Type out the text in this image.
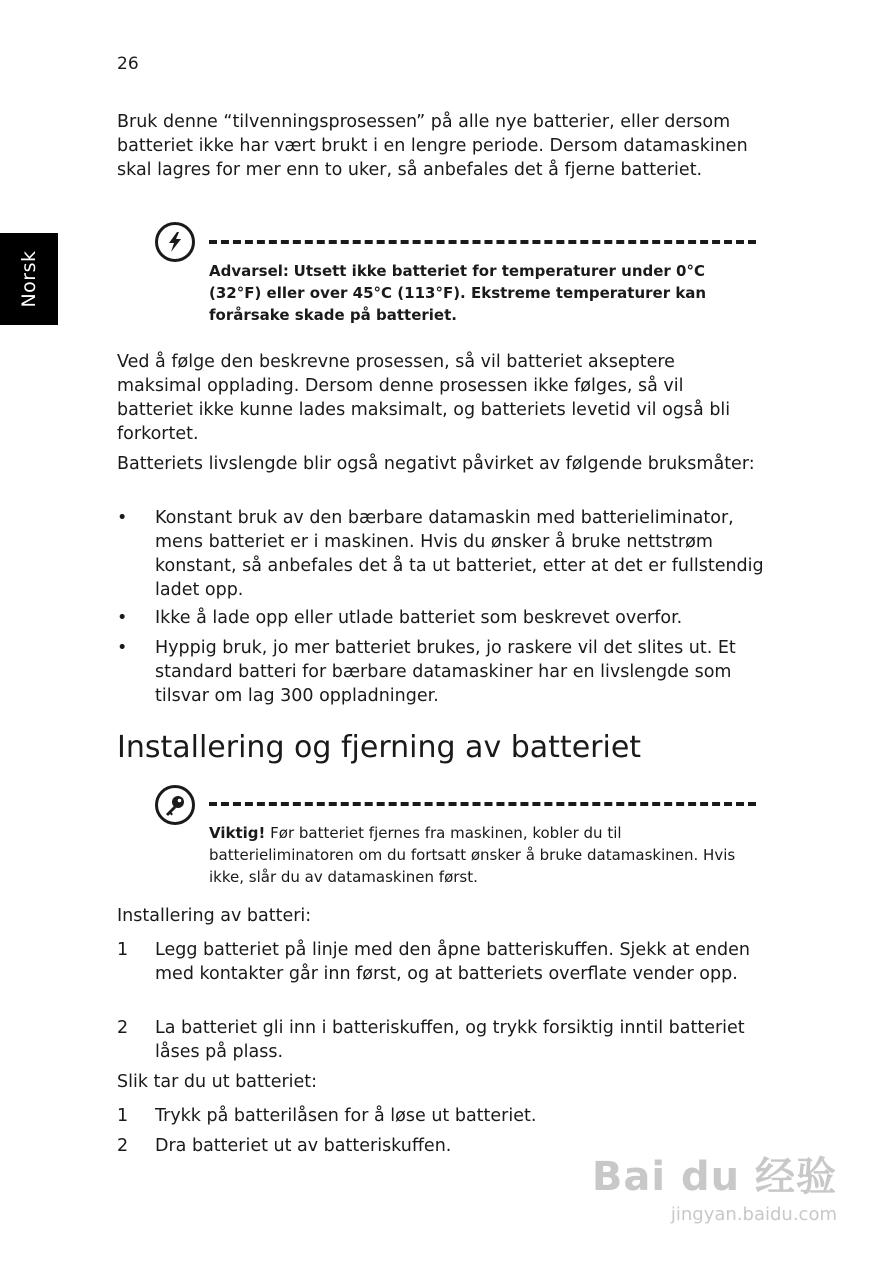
26
Norsk

Bruk denne “tilvenningsprosessen” på alle nye batterier, eller dersom batteriet ikke har vært brukt i en lengre periode. Dersom datamaskinen skal lagres for mer enn to uker, så anbefales det å fjerne batteriet.

Advarsel: Utsett ikke batteriet for temperaturer under 0°C (32°F) eller over 45°C (113°F). Ekstreme temperaturer kan forårsake skade på batteriet.

Ved å følge den beskrevne prosessen, så vil batteriet akseptere maksimal opplading. Dersom denne prosessen ikke følges, så vil batteriet ikke kunne lades maksimalt, og batteriets levetid vil også bli forkortet.

Batteriets livslengde blir også negativt påvirket av følgende bruksmåter:

• Konstant bruk av den bærbare datamaskin med batterieliminator, mens batteriet er i maskinen. Hvis du ønsker å bruke nettstrøm konstant, så anbefales det å ta ut batteriet, etter at det er fullstendig ladet opp.
• Ikke å lade opp eller utlade batteriet som beskrevet overfor.
• Hyppig bruk, jo mer batteriet brukes, jo raskere vil det slites ut. Et standard batteri for bærbare datamaskiner har en livslengde som tilsvar om lag 300 oppladninger.
Installering og fjerning av batteriet

Viktig! Før batteriet fjernes fra maskinen, kobler du til batterieliminatoren om du fortsatt ønsker å bruke datamaskinen. Hvis ikke, slår du av datamaskinen først.

Installering av batteri:

1 Legg batteriet på linje med den åpne batteriskuffen. Sjekk at enden med kontakter går inn først, og at batteriets overflate vender opp.
2 La batteriet gli inn i batteriskuffen, og trykk forsiktig inntil batteriet låses på plass.

Slik tar du ut batteriet:

1 Trykk på batterilåsen for å løse ut batteriet.
2 Dra batteriet ut av batteriskuffen.
Bai du 经验
jingyan.baidu.com
